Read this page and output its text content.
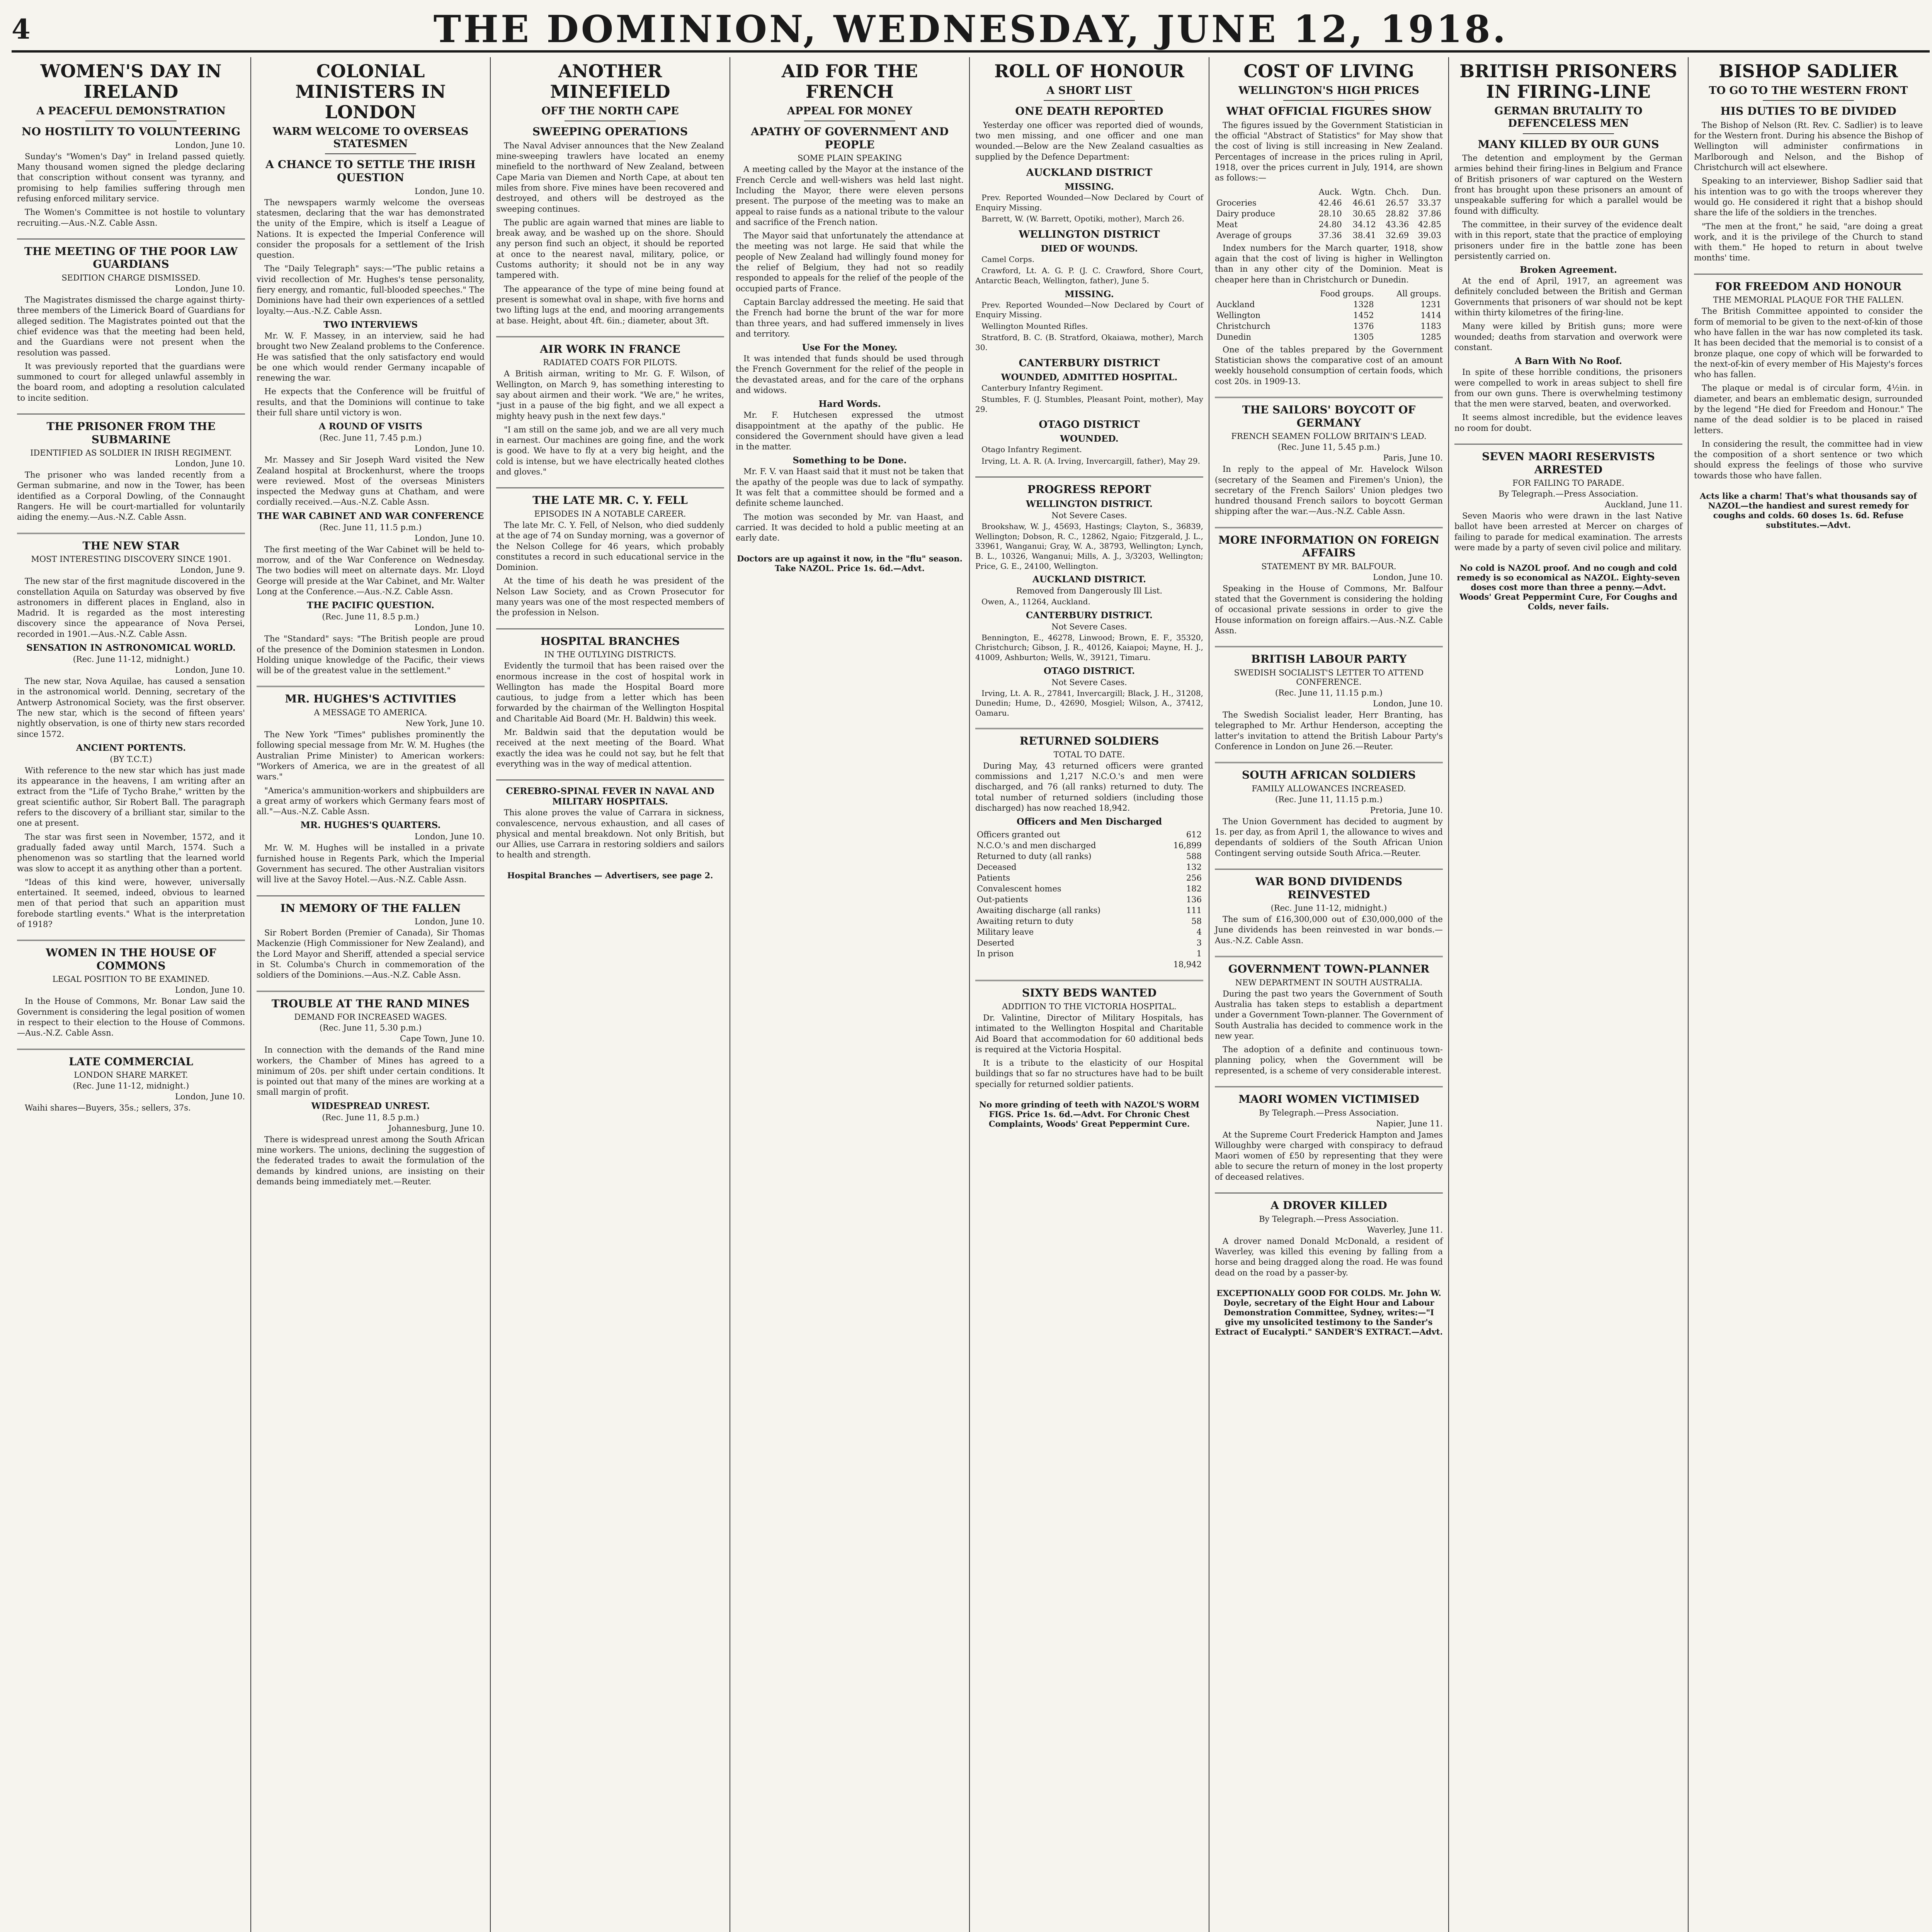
4	THE DOMINION, WEDNESDAY, JUNE 12, 1918.
WOMEN'S DAY IN IRELAND
A PEACEFUL DEMONSTRATION
NO HOSTILITY TO VOLUNTEERING
London, June 10.

Sunday's "Women's Day" in Ireland passed quietly. Many thousand women signed the pledge declaring that conscription without consent was tyranny, and promising to help families suffering through men refusing enforced military service.

The Women's Committee is not hostile to voluntary recruiting.—Aus.-N.Z. Cable Assn.

THE MEETING OF THE POOR LAW GUARDIANS
SEDITION CHARGE DISMISSED.
London, June 10.

The Magistrates dismissed the charge against thirty-three members of the Limerick Board of Guardians for alleged sedition. The Magistrates pointed out that the chief evidence was that the meeting had been held, and the Guardians were not present when the resolution was passed.

It was previously reported that the guardians were summoned to court for alleged unlawful assembly in the board room, and adopting a resolution calculated to incite sedition.

THE PRISONER FROM THE SUBMARINE
IDENTIFIED AS SOLDIER IN IRISH REGIMENT.
London, June 10.

The prisoner who was landed recently from a German submarine, and now in the Tower, has been identified as a Corporal Dowling, of the Connaught Rangers. He will be court-martialled for voluntarily aiding the enemy.—Aus.-N.Z. Cable Assn.

THE NEW STAR
MOST INTERESTING DISCOVERY SINCE 1901.
London, June 9.

The new star of the first magnitude discovered in the constellation Aquila on Saturday was observed by five astronomers in different places in England, also in Madrid. It is regarded as the most interesting discovery since the appearance of Nova Persei, recorded in 1901.—Aus.-N.Z. Cable Assn.

SENSATION IN ASTRONOMICAL WORLD.
(Rec. June 11-12, midnight.)
London, June 10.

The new star, Nova Aquilae, has caused a sensation in the astronomical world. Denning, secretary of the Antwerp Astronomical Society, was the first observer. The new star, which is the second of fifteen years' nightly observation, is one of thirty new stars recorded since 1572.

ANCIENT PORTENTS.
(BY T.C.T.)

With reference to the new star which has just made its appearance in the heavens, I am writing after an extract from the "Life of Tycho Brahe," written by the great scientific author, Sir Robert Ball. The paragraph refers to the discovery of a brilliant star, similar to the one at present.

The star was first seen in November, 1572, and it gradually faded away until March, 1574. Such a phenomenon was so startling that the learned world was slow to accept it as anything other than a portent.

"Ideas of this kind were, however, universally entertained. It seemed, indeed, obvious to learned men of that period that such an apparition must forebode startling events." What is the interpretation of 1918?

WOMEN IN THE HOUSE OF COMMONS
LEGAL POSITION TO BE EXAMINED.
London, June 10.

In the House of Commons, Mr. Bonar Law said the Government is considering the legal position of women in respect to their election to the House of Commons.—Aus.-N.Z. Cable Assn.

LATE COMMERCIAL
LONDON SHARE MARKET.
(Rec. June 11-12, midnight.)
London, June 10.

Waihi shares—Buyers, 35s.; sellers, 37s.

COLONIAL MINISTERS IN LONDON
WARM WELCOME TO OVERSEAS STATESMEN
A CHANCE TO SETTLE THE IRISH QUESTION
London, June 10.

The newspapers warmly welcome the overseas statesmen, declaring that the war has demonstrated the unity of the Empire, which is itself a League of Nations. It is expected the Imperial Conference will consider the proposals for a settlement of the Irish question.

The "Daily Telegraph" says:—"The public retains a vivid recollection of Mr. Hughes's tense personality, fiery energy, and romantic, full-blooded speeches." The Dominions have had their own experiences of a settled loyalty.—Aus.-N.Z. Cable Assn.

TWO INTERVIEWS

Mr. W. F. Massey, in an interview, said he had brought two New Zealand problems to the Conference. He was satisfied that the only satisfactory end would be one which would render Germany incapable of renewing the war.

He expects that the Conference will be fruitful of results, and that the Dominions will continue to take their full share until victory is won.

A ROUND OF VISITS
(Rec. June 11, 7.45 p.m.)
London, June 10.

Mr. Massey and Sir Joseph Ward visited the New Zealand hospital at Brockenhurst, where the troops were reviewed. Most of the overseas Ministers inspected the Medway guns at Chatham, and were cordially received.—Aus.-N.Z. Cable Assn.

THE WAR CABINET AND WAR CONFERENCE
(Rec. June 11, 11.5 p.m.)
London, June 10.

The first meeting of the War Cabinet will be held to-morrow, and of the War Conference on Wednesday. The two bodies will meet on alternate days. Mr. Lloyd George will preside at the War Cabinet, and Mr. Walter Long at the Conference.—Aus.-N.Z. Cable Assn.

THE PACIFIC QUESTION.
(Rec. June 11, 8.5 p.m.)
London, June 10.

The "Standard" says: "The British people are proud of the presence of the Dominion statesmen in London. Holding unique knowledge of the Pacific, their views will be of the greatest value in the settlement."

MR. HUGHES'S ACTIVITIES
A MESSAGE TO AMERICA.
New York, June 10.

The New York "Times" publishes prominently the following special message from Mr. W. M. Hughes (the Australian Prime Minister) to American workers: "Workers of America, we are in the greatest of all wars."

"America's ammunition-workers and shipbuilders are a great army of workers which Germany fears most of all."—Aus.-N.Z. Cable Assn.

MR. HUGHES'S QUARTERS.
London, June 10.

Mr. W. M. Hughes will be installed in a private furnished house in Regents Park, which the Imperial Government has secured. The other Australian visitors will live at the Savoy Hotel.—Aus.-N.Z. Cable Assn.

IN MEMORY OF THE FALLEN
London, June 10.

Sir Robert Borden (Premier of Canada), Sir Thomas Mackenzie (High Commissioner for New Zealand), and the Lord Mayor and Sheriff, attended a special service in St. Columba's Church in commemoration of the soldiers of the Dominions.—Aus.-N.Z. Cable Assn.

TROUBLE AT THE RAND MINES
DEMAND FOR INCREASED WAGES.
(Rec. June 11, 5.30 p.m.)
Cape Town, June 10.

In connection with the demands of the Rand mine workers, the Chamber of Mines has agreed to a minimum of 20s. per shift under certain conditions. It is pointed out that many of the mines are working at a small margin of profit.

WIDESPREAD UNREST.
(Rec. June 11, 8.5 p.m.)
Johannesburg, June 10.

There is widespread unrest among the South African mine workers. The unions, declining the suggestion of the federated trades to await the formulation of the demands by kindred unions, are insisting on their demands being immediately met.—Reuter.

ANOTHER MINEFIELD
OFF THE NORTH CAPE
SWEEPING OPERATIONS

The Naval Adviser announces that the New Zealand mine-sweeping trawlers have located an enemy minefield to the northward of New Zealand, between Cape Maria van Diemen and North Cape, at about ten miles from shore. Five mines have been recovered and destroyed, and others will be destroyed as the sweeping continues.

The public are again warned that mines are liable to break away, and be washed up on the shore. Should any person find such an object, it should be reported at once to the nearest naval, military, police, or Customs authority; it should not be in any way tampered with.

The appearance of the type of mine being found at present is somewhat oval in shape, with five horns and two lifting lugs at the end, and mooring arrangements at base. Height, about 4ft. 6in.; diameter, about 3ft.

AIR WORK IN FRANCE
RADIATED COATS FOR PILOTS.

A British airman, writing to Mr. G. F. Wilson, of Wellington, on March 9, has something interesting to say about airmen and their work. "We are," he writes, "just in a pause of the big fight, and we all expect a mighty heavy push in the next few days."

"I am still on the same job, and we are all very much in earnest. Our machines are going fine, and the work is good. We have to fly at a very big height, and the cold is intense, but we have electrically heated clothes and gloves."

THE LATE MR. C. Y. FELL
EPISODES IN A NOTABLE CAREER.

The late Mr. C. Y. Fell, of Nelson, who died suddenly at the age of 74 on Sunday morning, was a governor of the Nelson College for 46 years, which probably constitutes a record in such educational service in the Dominion.

At the time of his death he was president of the Nelson Law Society, and as Crown Prosecutor for many years was one of the most respected members of the profession in Nelson.

HOSPITAL BRANCHES
IN THE OUTLYING DISTRICTS.

Evidently the turmoil that has been raised over the enormous increase in the cost of hospital work in Wellington has made the Hospital Board more cautious, to judge from a letter which has been forwarded by the chairman of the Wellington Hospital and Charitable Aid Board (Mr. H. Baldwin) this week.

Mr. Baldwin said that the deputation would be received at the next meeting of the Board. What exactly the idea was he could not say, but he felt that everything was in the way of medical attention.

CEREBRO-SPINAL FEVER IN NAVAL AND MILITARY HOSPITALS.

This alone proves the value of Carrara in sickness, convalescence, nervous exhaustion, and all cases of physical and mental breakdown. Not only British, but our Allies, use Carrara in restoring soldiers and sailors to health and strength.

Hospital Branches — Advertisers, see page 2.
AID FOR THE FRENCH
APPEAL FOR MONEY
APATHY OF GOVERNMENT AND PEOPLE
SOME PLAIN SPEAKING

A meeting called by the Mayor at the instance of the French Cercle and well-wishers was held last night. Including the Mayor, there were eleven persons present. The purpose of the meeting was to make an appeal to raise funds as a national tribute to the valour and sacrifice of the French nation.

The Mayor said that unfortunately the attendance at the meeting was not large. He said that while the people of New Zealand had willingly found money for the relief of Belgium, they had not so readily responded to appeals for the relief of the people of the occupied parts of France.

Captain Barclay addressed the meeting. He said that the French had borne the brunt of the war for more than three years, and had suffered immensely in lives and territory.

Use For the Money.

It was intended that funds should be used through the French Government for the relief of the people in the devastated areas, and for the care of the orphans and widows.

Hard Words.

Mr. F. Hutchesen expressed the utmost disappointment at the apathy of the public. He considered the Government should have given a lead in the matter.

Something to be Done.

Mr. F. V. van Haast said that it must not be taken that the apathy of the people was due to lack of sympathy. It was felt that a committee should be formed and a definite scheme launched.

The motion was seconded by Mr. van Haast, and carried. It was decided to hold a public meeting at an early date.

Doctors are up against it now, in the "flu" season. Take NAZOL. Price 1s. 6d.—Advt.
ROLL OF HONOUR
A SHORT LIST
ONE DEATH REPORTED

Yesterday one officer was reported died of wounds, two men missing, and one officer and one man wounded.—Below are the New Zealand casualties as supplied by the Defence Department:

AUCKLAND DISTRICT
MISSING.
Prev. Reported Wounded—Now Declared by Court of Enquiry Missing.
Barrett, W. (W. Barrett, Opotiki, mother), March 26.
WELLINGTON DISTRICT
DIED OF WOUNDS.
Camel Corps.
Crawford, Lt. A. G. P. (J. C. Crawford, Shore Court, Antarctic Beach, Wellington, father), June 5.
MISSING.
Prev. Reported Wounded—Now Declared by Court of Enquiry Missing.
Wellington Mounted Rifles.
Stratford, B. C. (B. Stratford, Okaiawa, mother), March 30.
CANTERBURY DISTRICT
WOUNDED, ADMITTED HOSPITAL.
Canterbury Infantry Regiment.
Stumbles, F. (J. Stumbles, Pleasant Point, mother), May 29.
OTAGO DISTRICT
WOUNDED.
Otago Infantry Regiment.
Irving, Lt. A. R. (A. Irving, Invercargill, father), May 29.
PROGRESS REPORT
WELLINGTON DISTRICT.
Not Severe Cases.
Brookshaw, W. J., 45693, Hastings; Clayton, S., 36839, Wellington; Dobson, R. C., 12862, Ngaio; Fitzgerald, J. L., 33961, Wanganui; Gray, W. A., 38793, Wellington; Lynch, B. L., 10326, Wanganui; Mills, A. J., 3/3203, Wellington; Price, G. E., 24100, Wellington.
AUCKLAND DISTRICT.
Removed from Dangerously Ill List.
Owen, A., 11264, Auckland.
CANTERBURY DISTRICT.
Not Severe Cases.
Bennington, E., 46278, Linwood; Brown, E. F., 35320, Christchurch; Gibson, J. R., 40126, Kaiapoi; Mayne, H. J., 41009, Ashburton; Wells, W., 39121, Timaru.
OTAGO DISTRICT.
Not Severe Cases.
Irving, Lt. A. R., 27841, Invercargill; Black, J. H., 31208, Dunedin; Hume, D., 42690, Mosgiel; Wilson, A., 37412, Oamaru.
RETURNED SOLDIERS
TOTAL TO DATE.

During May, 43 returned officers were granted commissions and 1,217 N.C.O.'s and men were discharged, and 76 (all ranks) returned to duty. The total number of returned soldiers (including those discharged) has now reached 18,942.

Officers and Men Discharged
Officers granted out	612
N.C.O.'s and men discharged	16,899
Returned to duty (all ranks)	588
Deceased	132
Patients	256
Convalescent homes	182
Out-patients	136
Awaiting discharge (all ranks)	111
Awaiting return to duty	58
Military leave	4
Deserted	3
In prison	1
	18,942
SIXTY BEDS WANTED
ADDITION TO THE VICTORIA HOSPITAL.

Dr. Valintine, Director of Military Hospitals, has intimated to the Wellington Hospital and Charitable Aid Board that accommodation for 60 additional beds is required at the Victoria Hospital.

It is a tribute to the elasticity of our Hospital buildings that so far no structures have had to be built specially for returned soldier patients.

No more grinding of teeth with NAZOL'S WORM FIGS. Price 1s. 6d.—Advt. For Chronic Chest Complaints, Woods' Great Peppermint Cure.
COST OF LIVING
WELLINGTON'S HIGH PRICES
WHAT OFFICIAL FIGURES SHOW

The figures issued by the Government Statistician in the official "Abstract of Statistics" for May show that the cost of living is still increasing in New Zealand. Percentages of increase in the prices ruling in April, 1918, over the prices current in July, 1914, are shown as follows:—

	Auck.	Wgtn.	Chch.	Dun.
Groceries	42.46	46.61	26.57	33.37
Dairy produce	28.10	30.65	28.82	37.86
Meat	24.80	34.12	43.36	42.85
Average of groups	37.36	38.41	32.69	39.03

Index numbers for the March quarter, 1918, show again that the cost of living is higher in Wellington than in any other city of the Dominion. Meat is cheaper here than in Christchurch or Dunedin.

	Food groups.	All groups.
Auckland	1328	1231
Wellington	1452	1414
Christchurch	1376	1183
Dunedin	1305	1285

One of the tables prepared by the Government Statistician shows the comparative cost of an amount weekly household consumption of certain foods, which cost 20s. in 1909-13.

THE SAILORS' BOYCOTT OF GERMANY
FRENCH SEAMEN FOLLOW BRITAIN'S LEAD.
(Rec. June 11, 5.45 p.m.)
Paris, June 10.

In reply to the appeal of Mr. Havelock Wilson (secretary of the Seamen and Firemen's Union), the secretary of the French Sailors' Union pledges two hundred thousand French sailors to boycott German shipping after the war.—Aus.-N.Z. Cable Assn.

MORE INFORMATION ON FOREIGN AFFAIRS
STATEMENT BY MR. BALFOUR.
London, June 10.

Speaking in the House of Commons, Mr. Balfour stated that the Government is considering the holding of occasional private sessions in order to give the House information on foreign affairs.—Aus.-N.Z. Cable Assn.

BRITISH LABOUR PARTY
SWEDISH SOCIALIST'S LETTER TO ATTEND CONFERENCE.
(Rec. June 11, 11.15 p.m.)
London, June 10.

The Swedish Socialist leader, Herr Branting, has telegraphed to Mr. Arthur Henderson, accepting the latter's invitation to attend the British Labour Party's Conference in London on June 26.—Reuter.

SOUTH AFRICAN SOLDIERS
FAMILY ALLOWANCES INCREASED.
(Rec. June 11, 11.15 p.m.)
Pretoria, June 10.

The Union Government has decided to augment by 1s. per day, as from April 1, the allowance to wives and dependants of soldiers of the South African Union Contingent serving outside South Africa.—Reuter.

WAR BOND DIVIDENDS REINVESTED
(Rec. June 11-12, midnight.)

The sum of £16,300,000 out of £30,000,000 of the June dividends has been reinvested in war bonds.—Aus.-N.Z. Cable Assn.

GOVERNMENT TOWN-PLANNER
NEW DEPARTMENT IN SOUTH AUSTRALIA.

During the past two years the Government of South Australia has taken steps to establish a department under a Government Town-planner. The Government of South Australia has decided to commence work in the new year.

The adoption of a definite and continuous town-planning policy, when the Government will be represented, is a scheme of very considerable interest.

MAORI WOMEN VICTIMISED
By Telegraph.—Press Association.
Napier, June 11.

At the Supreme Court Frederick Hampton and James Willoughby were charged with conspiracy to defraud Maori women of £50 by representing that they were able to secure the return of money in the lost property of deceased relatives.

A DROVER KILLED
By Telegraph.—Press Association.
Waverley, June 11.

A drover named Donald McDonald, a resident of Waverley, was killed this evening by falling from a horse and being dragged along the road. He was found dead on the road by a passer-by.

EXCEPTIONALLY GOOD FOR COLDS. Mr. John W. Doyle, secretary of the Eight Hour and Labour Demonstration Committee, Sydney, writes:—"I give my unsolicited testimony to the Sander's Extract of Eucalypti." SANDER'S EXTRACT.—Advt.
BRITISH PRISONERS IN FIRING-LINE
GERMAN BRUTALITY TO DEFENCELESS MEN
MANY KILLED BY OUR GUNS

The detention and employment by the German armies behind their firing-lines in Belgium and France of British prisoners of war captured on the Western front has brought upon these prisoners an amount of unspeakable suffering for which a parallel would be found with difficulty.

The committee, in their survey of the evidence dealt with in this report, state that the practice of employing prisoners under fire in the battle zone has been persistently carried on.

Broken Agreement.

At the end of April, 1917, an agreement was definitely concluded between the British and German Governments that prisoners of war should not be kept within thirty kilometres of the firing-line.

Many were killed by British guns; more were wounded; deaths from starvation and overwork were constant.

A Barn With No Roof.

In spite of these horrible conditions, the prisoners were compelled to work in areas subject to shell fire from our own guns. There is overwhelming testimony that the men were starved, beaten, and overworked.

It seems almost incredible, but the evidence leaves no room for doubt.

SEVEN MAORI RESERVISTS ARRESTED
FOR FAILING TO PARADE.
By Telegraph.—Press Association.
Auckland, June 11.

Seven Maoris who were drawn in the last Native ballot have been arrested at Mercer on charges of failing to parade for medical examination. The arrests were made by a party of seven civil police and military.

No cold is NAZOL proof. And no cough and cold remedy is so economical as NAZOL. Eighty-seven doses cost more than three a penny.—Advt. Woods' Great Peppermint Cure, For Coughs and Colds, never fails.
BISHOP SADLIER
TO GO TO THE WESTERN FRONT
HIS DUTIES TO BE DIVIDED

The Bishop of Nelson (Rt. Rev. C. Sadlier) is to leave for the Western front. During his absence the Bishop of Wellington will administer confirmations in Marlborough and Nelson, and the Bishop of Christchurch will act elsewhere.

Speaking to an interviewer, Bishop Sadlier said that his intention was to go with the troops wherever they would go. He considered it right that a bishop should share the life of the soldiers in the trenches.

"The men at the front," he said, "are doing a great work, and it is the privilege of the Church to stand with them." He hoped to return in about twelve months' time.

FOR FREEDOM AND HONOUR
THE MEMORIAL PLAQUE FOR THE FALLEN.

The British Committee appointed to consider the form of memorial to be given to the next-of-kin of those who have fallen in the war has now completed its task. It has been decided that the memorial is to consist of a bronze plaque, one copy of which will be forwarded to the next-of-kin of every member of His Majesty's forces who has fallen.

The plaque or medal is of circular form, 4½in. in diameter, and bears an emblematic design, surrounded by the legend "He died for Freedom and Honour." The name of the dead soldier is to be placed in raised letters.

In considering the result, the committee had in view the composition of a short sentence or two which should express the feelings of those who survive towards those who have fallen.

Acts like a charm! That's what thousands say of NAZOL—the handiest and surest remedy for coughs and colds. 60 doses 1s. 6d. Refuse substitutes.—Advt.
